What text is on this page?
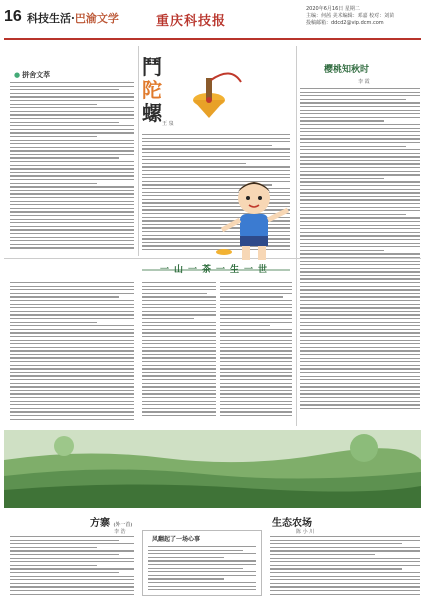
16 科技生活·巴渝文学	重庆科技报
2020年6月16日 星期二
主编：何茜 美术编辑：邓嘉 校对：刘苗
投稿邮箱：ddcd2@vip.dcm.com
● 拼舍文萃	鬥
陀
螺 王 泉
樱桃知秋时
李 霞
一山一茶一生一世
方寨 (外一首)
李 浩
风翻起了一场心事
生态农场
陈 小 川
